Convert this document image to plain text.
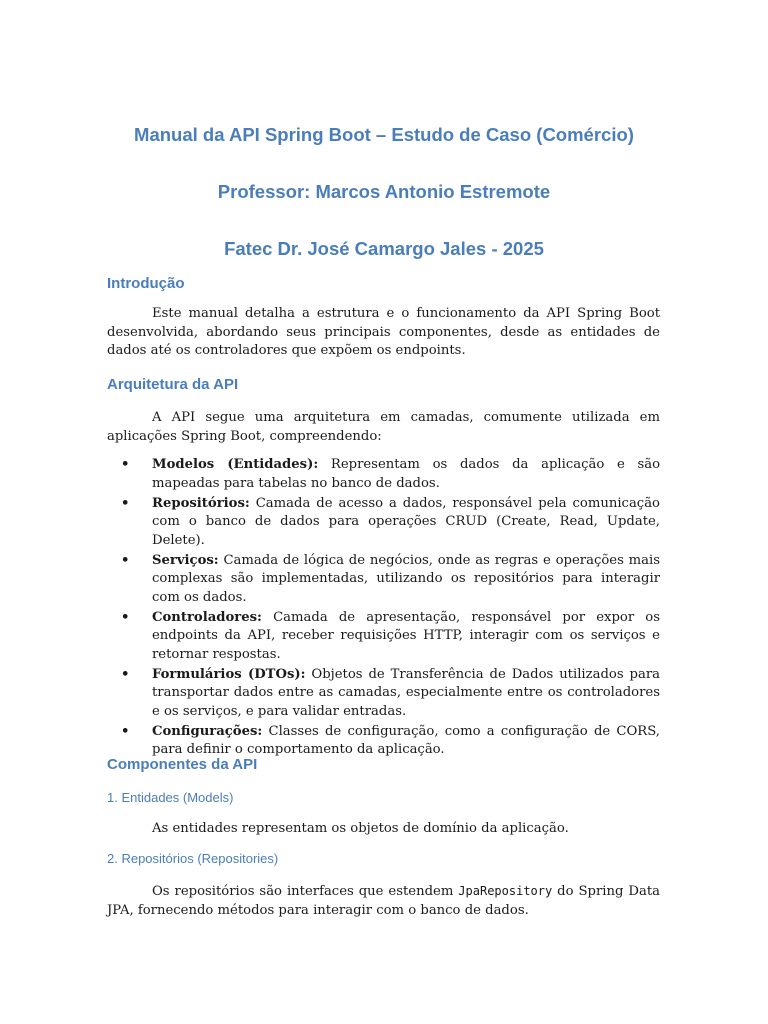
Manual da API Spring Boot – Estudo de Caso (Comércio)
Professor: Marcos Antonio Estremote
Fatec Dr. José Camargo Jales - 2025
Introdução
Este manual detalha a estrutura e o funcionamento da API Spring Boot desenvolvida, abordando seus principais componentes, desde as entidades de dados até os controladores que expõem os endpoints.
Arquitetura da API
A API segue uma arquitetura em camadas, comumente utilizada em aplicações Spring Boot, compreendendo:
• Modelos (Entidades): Representam os dados da aplicação e são mapeadas para tabelas no banco de dados.
• Repositórios: Camada de acesso a dados, responsável pela comunicação com o banco de dados para operações CRUD (Create, Read, Update, Delete).
• Serviços: Camada de lógica de negócios, onde as regras e operações mais complexas são implementadas, utilizando os repositórios para interagir com os dados.
• Controladores: Camada de apresentação, responsável por expor os endpoints da API, receber requisições HTTP, interagir com os serviços e retornar respostas.
• Formulários (DTOs): Objetos de Transferência de Dados utilizados para transportar dados entre as camadas, especialmente entre os controladores e os serviços, e para validar entradas.
• Configurações: Classes de configuração, como a configuração de CORS, para definir o comportamento da aplicação.
Componentes da API
1. Entidades (Models)
As entidades representam os objetos de domínio da aplicação.
2. Repositórios (Repositories)
Os repositórios são interfaces que estendem JpaRepository do Spring Data JPA, fornecendo métodos para interagir com o banco de dados.
